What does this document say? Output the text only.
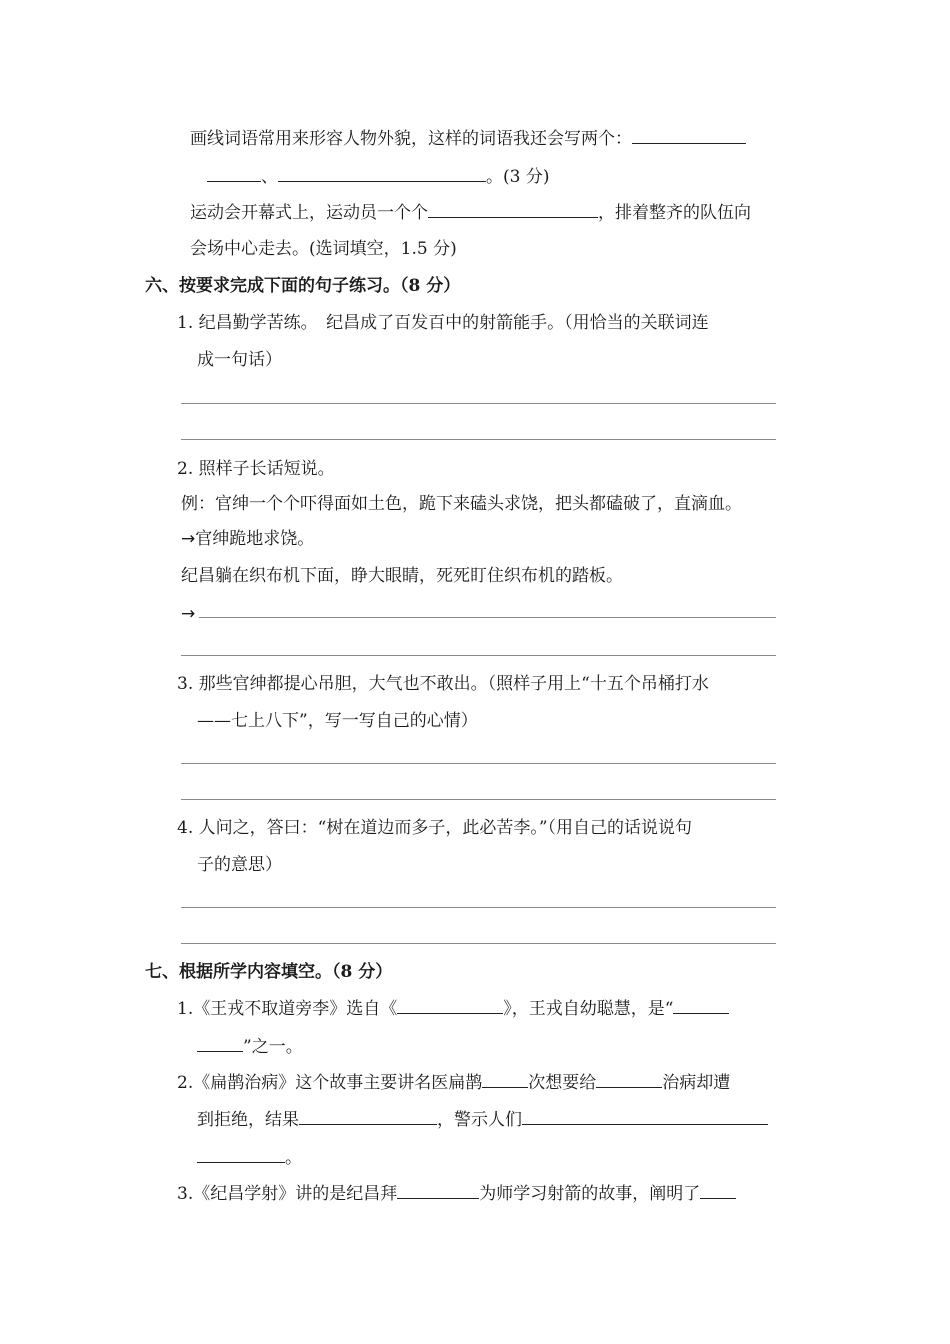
画线词语常用来形容人物外貌，这样的词语我还会写两个：
、	。(3 分)
运动会开幕式上，运动员一个个	，排着整齐的队伍向
会场中心走去。(选词填空，1.5 分)
六、按要求完成下面的句子练习。（8 分）
1. 纪昌勤学苦练。　纪昌成了百发百中的射箭能手。（用恰当的关联词连
成一句话）
2. 照样子长话短说。
例：官绅一个个吓得面如土色，跪下来磕头求饶，把头都磕破了，直滴血。
→官绅跪地求饶。
纪昌躺在织布机下面，睁大眼睛，死死盯住织布机的踏板。
→
3. 那些官绅都提心吊胆，大气也不敢出。（照样子用上“十五个吊桶打水
——七上八下”，写一写自己的心情）
4. 人问之，答曰：“树在道边而多子，此必苦李。”（用自己的话说说句
子的意思）
七、根据所学内容填空。（8 分）
1.《王戎不取道旁李》选自《	》，王戎自幼聪慧，是“
”之一。
2.《扁鹊治病》这个故事主要讲名医扁鹊	次想要给	治病却遭
到拒绝，结果	，警示人们
。
3.《纪昌学射》讲的是纪昌拜	为师学习射箭的故事，阐明了
